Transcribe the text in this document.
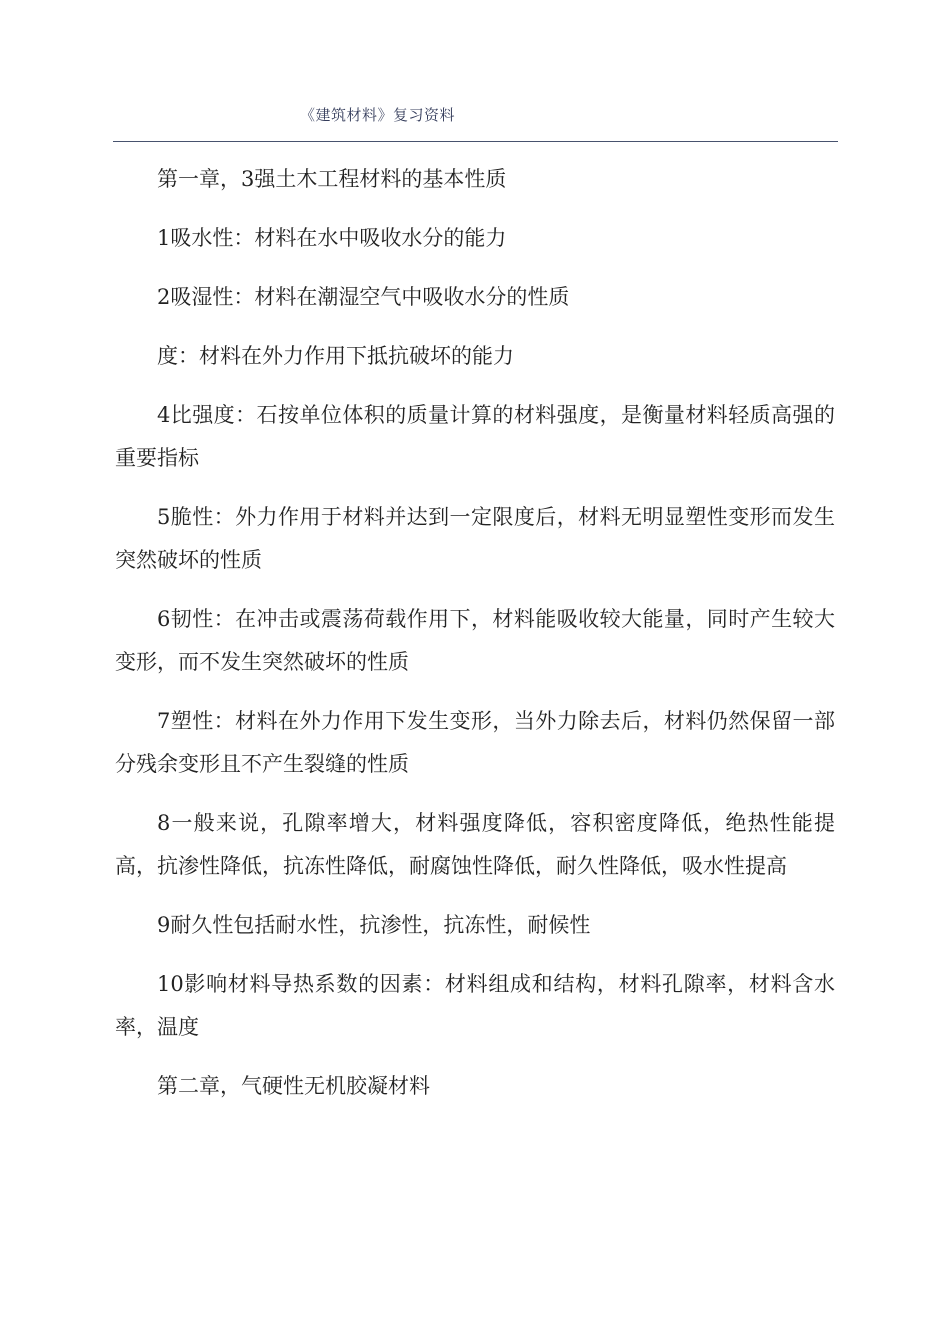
《建筑材料》复习资料

第一章，3强土木工程材料的基本性质

1吸水性：材料在水中吸收水分的能力

2吸湿性：材料在潮湿空气中吸收水分的性质

度：材料在外力作用下抵抗破坏的能力

4比强度：石按单位体积的质量计算的材料强度，是衡量材料轻质高强的重要指标

5脆性：外力作用于材料并达到一定限度后，材料无明显塑性变形而发生突然破坏的性质

6韧性：在冲击或震荡荷载作用下，材料能吸收较大能量，同时产生较大变形，而不发生突然破坏的性质

7塑性：材料在外力作用下发生变形，当外力除去后，材料仍然保留一部分残余变形且不产生裂缝的性质

8一般来说，孔隙率增大，材料强度降低，容积密度降低，绝热性能提高，抗渗性降低，抗冻性降低，耐腐蚀性降低，耐久性降低，吸水性提高

9耐久性包括耐水性，抗渗性，抗冻性，耐候性

10影响材料导热系数的因素：材料组成和结构，材料孔隙率，材料含水率，温度

第二章，气硬性无机胶凝材料
